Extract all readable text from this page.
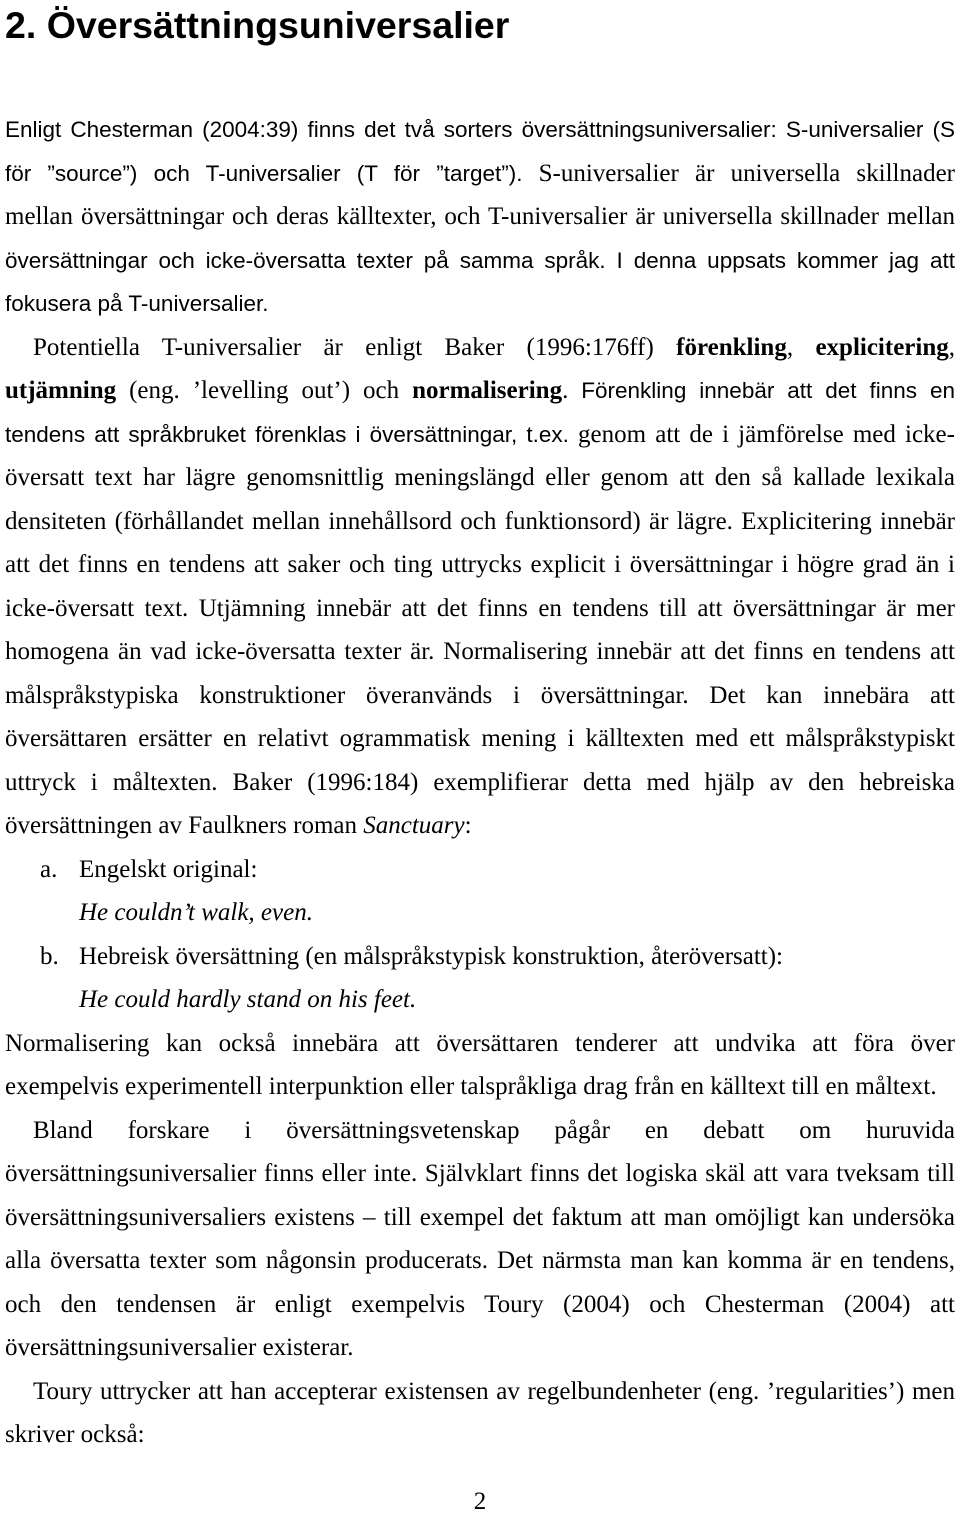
2. Översättningsuniversalier
Enligt Chesterman (2004:39) finns det två sorters översättningsuniversalier: S-universalier (S
för ”source”) och T-universalier (T för ”target”). S-universalier är universella skillnader
mellan översättningar och deras källtexter, och T-universalier är universella skillnader mellan
översättningar och icke-översatta texter på samma språk. I denna uppsats kommer jag att
fokusera på T-universalier.
Potentiella T-universalier är enligt Baker (1996:176ff) förenkling, explicitering,
utjämning (eng. ’levelling out’) och normalisering. Förenkling innebär att det finns en
tendens att språkbruket förenklas i översättningar, t.ex. genom att de i jämförelse med icke-
översatt text har lägre genomsnittlig meningslängd eller genom att den så kallade lexikala
densiteten (förhållandet mellan innehållsord och funktionsord) är lägre. Explicitering innebär
att det finns en tendens att saker och ting uttrycks explicit i översättningar i högre grad än i
icke-översatt text. Utjämning innebär att det finns en tendens till att översättningar är mer
homogena än vad icke-översatta texter är. Normalisering innebär att det finns en tendens att
målspråkstypiska konstruktioner överanvänds i översättningar. Det kan innebära att
översättaren ersätter en relativt ogrammatisk mening i källtexten med ett målspråkstypiskt
uttryck i måltexten. Baker (1996:184) exemplifierar detta med hjälp av den hebreiska
översättningen av Faulkners roman Sanctuary:
a. Engelskt original:
He couldn’t walk, even.
b. Hebreisk översättning (en målspråkstypisk konstruktion, återöversatt):
He could hardly stand on his feet.
Normalisering kan också innebära att översättaren tenderer att undvika att föra över
exempelvis experimentell interpunktion eller talspråkliga drag från en källtext till en måltext.
Bland forskare i översättningsvetenskap pågår en debatt om huruvida
översättningsuniversalier finns eller inte. Självklart finns det logiska skäl att vara tveksam till
översättningsuniversaliers existens – till exempel det faktum att man omöjligt kan undersöka
alla översatta texter som någonsin producerats. Det närmsta man kan komma är en tendens,
och den tendensen är enligt exempelvis Toury (2004) och Chesterman (2004) att
översättningsuniversalier existerar.
Toury uttrycker att han accepterar existensen av regelbundenheter (eng. ’regularities’) men
skriver också:
2
